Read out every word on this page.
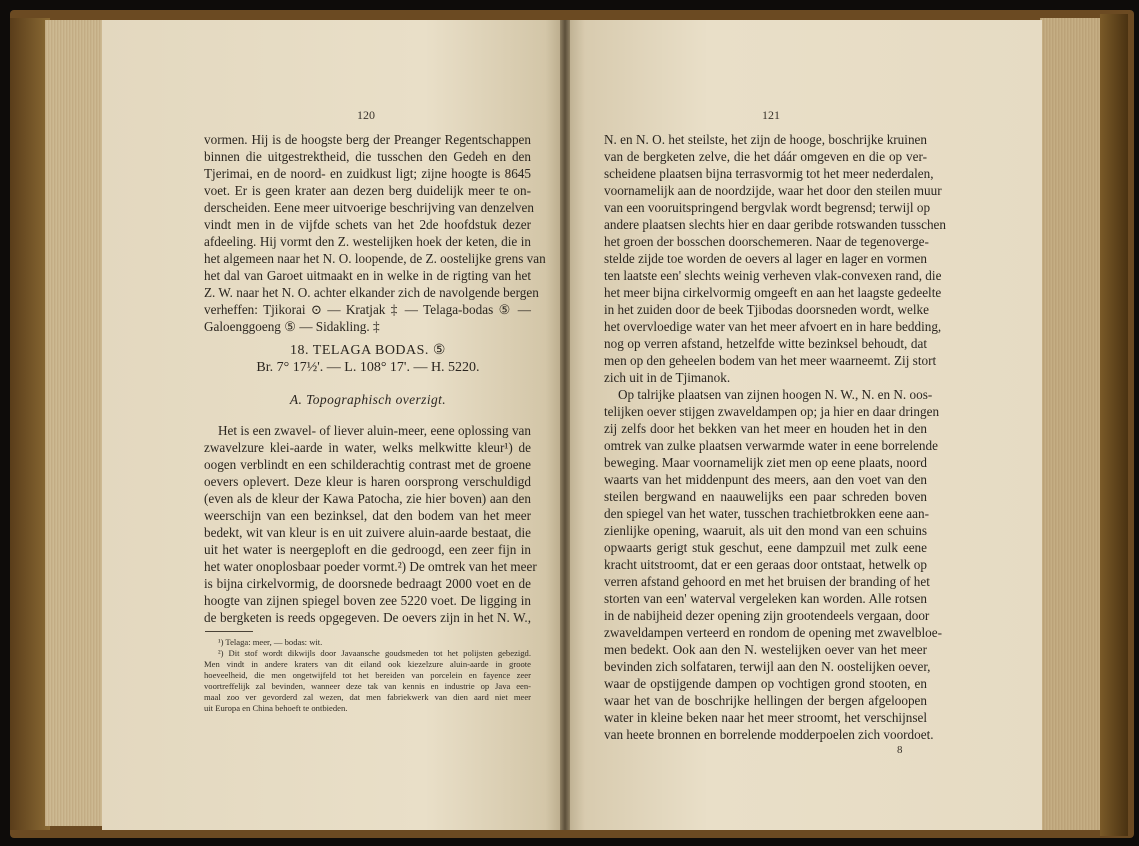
120
vormen. Hij is de hoogste berg der Preanger Regentschappen
binnen die uitgestrektheid, die tusschen den Gedeh en den
Tjerimai, en de noord- en zuidkust ligt; zijne hoogte is 8645
voet. Er is geen krater aan dezen berg duidelijk meer te on-
derscheiden. Eene meer uitvoerige beschrijving van denzelven
vindt men in de vijfde schets van het 2de hoofdstuk dezer
afdeeling. Hij vormt den Z. westelijken hoek der keten, die in
het algemeen naar het N. O. loopende, de Z. oostelijke grens van
het dal van Garoet uitmaakt en in welke in de rigting van het
Z. W. naar het N. O. achter elkander zich de navolgende bergen
verheffen: Tjikorai ⊙ — Kratjak ‡ — Telaga-bodas ⑤ —
Galoenggoeng ⑤ — Sidakling. ‡
18. TELAGA BODAS. ⑤
Br. 7° 17½'. — L. 108° 17'. — H. 5220.
A. Topographisch overzigt.
Het is een zwavel- of liever aluin-meer, eene oplossing van
zwavelzure klei-aarde in water, welks melkwitte kleur¹) de
oogen verblindt en een schilderachtig contrast met de groene
oevers oplevert. Deze kleur is haren oorsprong verschuldigd
(even als de kleur der Kawa Patocha, zie hier boven) aan den
weerschijn van een bezinksel, dat den bodem van het meer
bedekt, wit van kleur is en uit zuivere aluin-aarde bestaat, die
uit het water is neergeploft en die gedroogd, een zeer fijn in
het water onoplosbaar poeder vormt.²) De omtrek van het meer
is bijna cirkelvormig, de doorsnede bedraagt 2000 voet en de
hoogte van zijnen spiegel boven zee 5220 voet. De ligging in
de bergketen is reeds opgegeven. De oevers zijn in het N. W.,
¹) Telaga: meer, — bodas: wit.
²) Dit stof wordt dikwijls door Javaansche goudsmeden tot het polijsten gebezigd.
Men vindt in andere kraters van dit eiland ook kiezelzure aluin-aarde in groote
hoeveelheid, die men ongetwijfeld tot het bereiden van porcelein en fayence zeer
voortreffelijk zal bevinden, wanneer deze tak van kennis en industrie op Java een-
maal zoo ver gevorderd zal wezen, dat men fabriekwerk van dien aard niet meer
uit Europa en China behoeft te ontbieden.
121
N. en N. O. het steilste, het zijn de hooge, boschrijke kruinen
van de bergketen zelve, die het dáár omgeven en die op ver-
scheidene plaatsen bijna terrasvormig tot het meer nederdalen,
voornamelijk aan de noordzijde, waar het door den steilen muur
van een vooruitspringend bergvlak wordt begrensd; terwijl op
andere plaatsen slechts hier en daar geribde rotswanden tusschen
het groen der bosschen doorschemeren. Naar de tegenoverge-
stelde zijde toe worden de oevers al lager en lager en vormen
ten laatste een' slechts weinig verheven vlak-convexen rand, die
het meer bijna cirkelvormig omgeeft en aan het laagste gedeelte
in het zuiden door de beek Tjibodas doorsneden wordt, welke
het overvloedige water van het meer afvoert en in hare bedding,
nog op verren afstand, hetzelfde witte bezinksel behoudt, dat
men op den geheelen bodem van het meer waarneemt. Zij stort
zich uit in de Tjimanok.
Op talrijke plaatsen van zijnen hoogen N. W., N. en N. oos-
telijken oever stijgen zwaveldampen op; ja hier en daar dringen
zij zelfs door het bekken van het meer en houden het in den
omtrek van zulke plaatsen verwarmde water in eene borrelende
beweging. Maar voornamelijk ziet men op eene plaats, noord
waarts van het middenpunt des meers, aan den voet van den
steilen bergwand en naauwelijks een paar schreden boven
den spiegel van het water, tusschen trachietbrokken eene aan-
zienlijke opening, waaruit, als uit den mond van een schuins
opwaarts gerigt stuk geschut, eene dampzuil met zulk eene
kracht uitstroomt, dat er een geraas door ontstaat, hetwelk op
verren afstand gehoord en met het bruisen der branding of het
storten van een' waterval vergeleken kan worden. Alle rotsen
in de nabijheid dezer opening zijn grootendeels vergaan, door
zwaveldampen verteerd en rondom de opening met zwavelbloe-
men bedekt. Ook aan den N. westelijken oever van het meer
bevinden zich solfataren, terwijl aan den N. oostelijken oever,
waar de opstijgende dampen op vochtigen grond stooten, en
waar het van de boschrijke hellingen der bergen afgeloopen
water in kleine beken naar het meer stroomt, het verschijnsel
van heete bronnen en borrelende modderpoelen zich voordoet.
8
